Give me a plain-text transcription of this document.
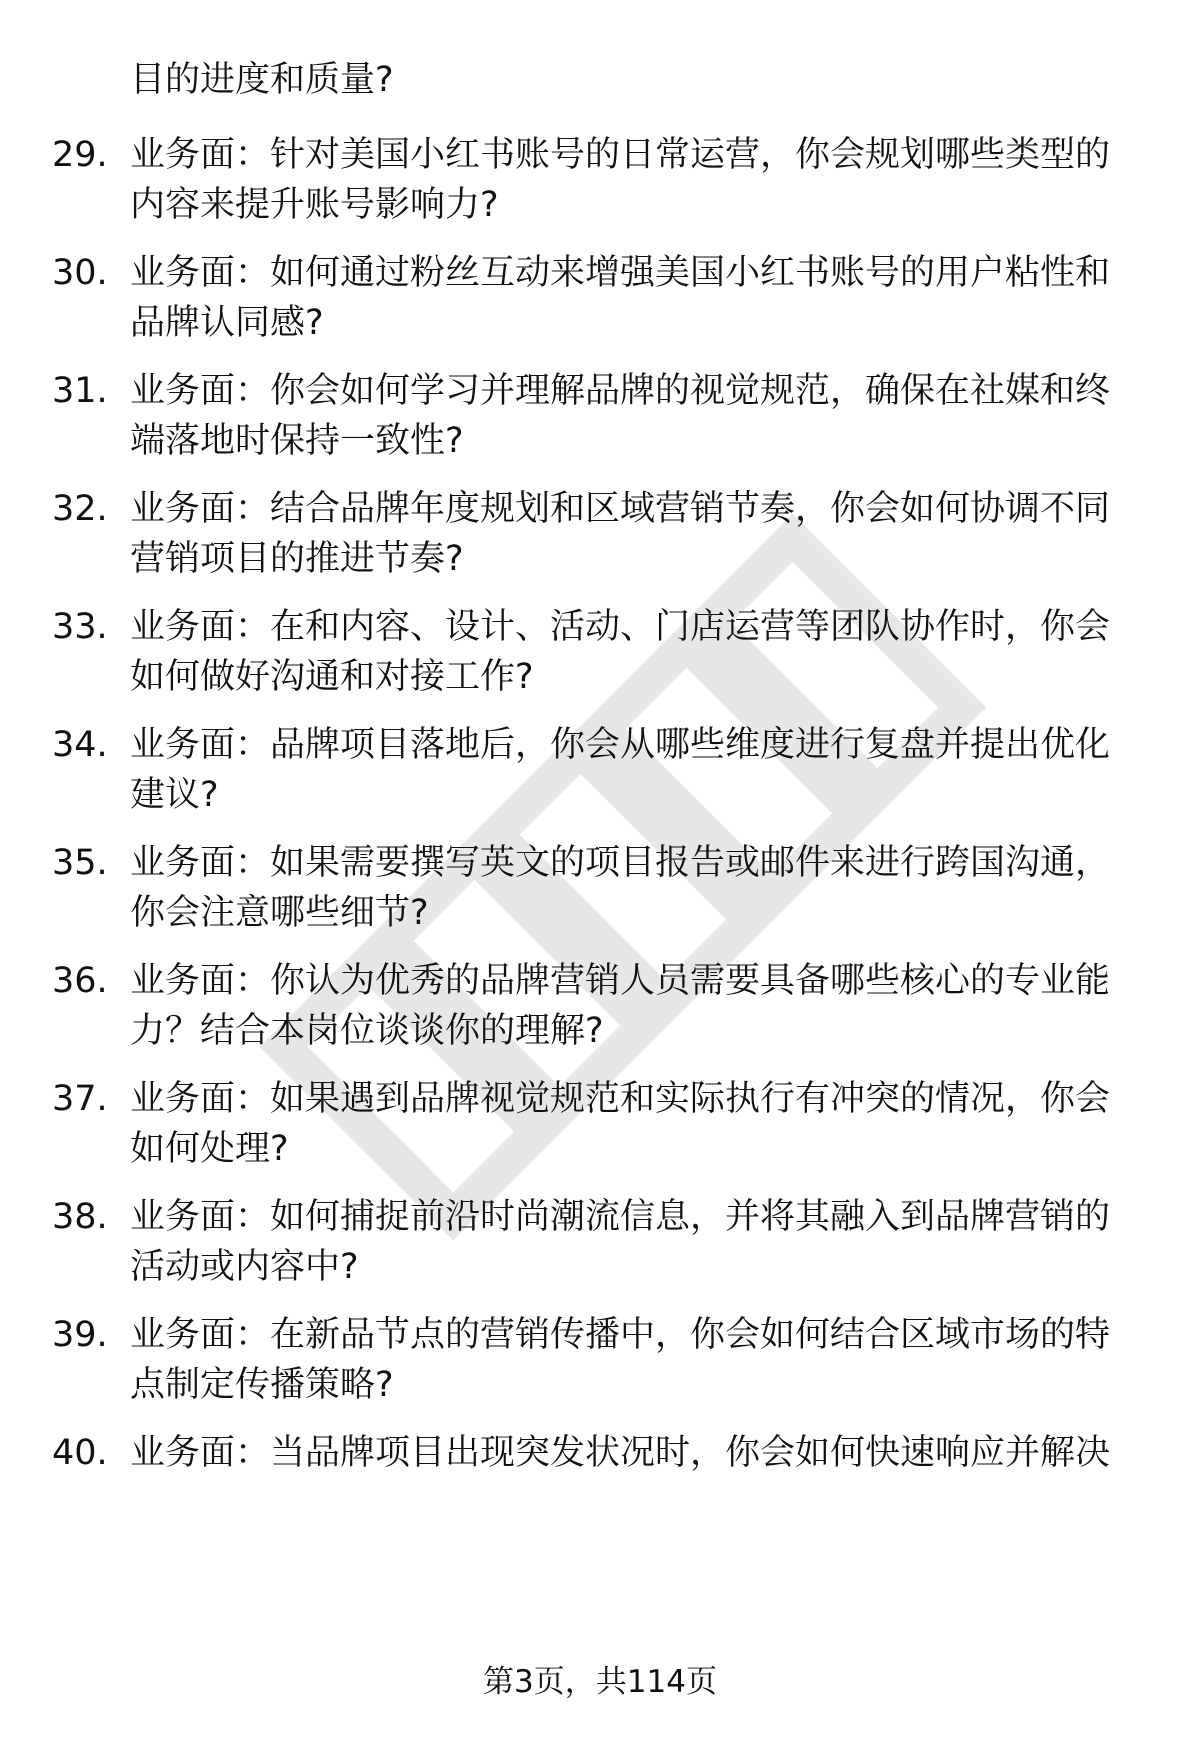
目的进度和质量?
29. 业务面：针对美国小红书账号的日常运营，你会规划哪些类型的
内容来提升账号影响力?
30. 业务面：如何通过粉丝互动来增强美国小红书账号的用户粘性和
品牌认同感?
31. 业务面：你会如何学习并理解品牌的视觉规范，确保在社媒和终
端落地时保持一致性?
32. 业务面：结合品牌年度规划和区域营销节奏，你会如何协调不同
营销项目的推进节奏?
33. 业务面：在和内容、设计、活动、门店运营等团队协作时，你会
如何做好沟通和对接工作?
34. 业务面：品牌项目落地后，你会从哪些维度进行复盘并提出优化
建议?
35. 业务面：如果需要撰写英文的项目报告或邮件来进行跨国沟通，
你会注意哪些细节?
36. 业务面：你认为优秀的品牌营销人员需要具备哪些核心的专业能
力？结合本岗位谈谈你的理解?
37. 业务面：如果遇到品牌视觉规范和实际执行有冲突的情况，你会
如何处理?
38. 业务面：如何捕捉前沿时尚潮流信息，并将其融入到品牌营销的
活动或内容中?
39. 业务面：在新品节点的营销传播中，你会如何结合区域市场的特
点制定传播策略?
40. 业务面：当品牌项目出现突发状况时，你会如何快速响应并解决
第3页，共114页
